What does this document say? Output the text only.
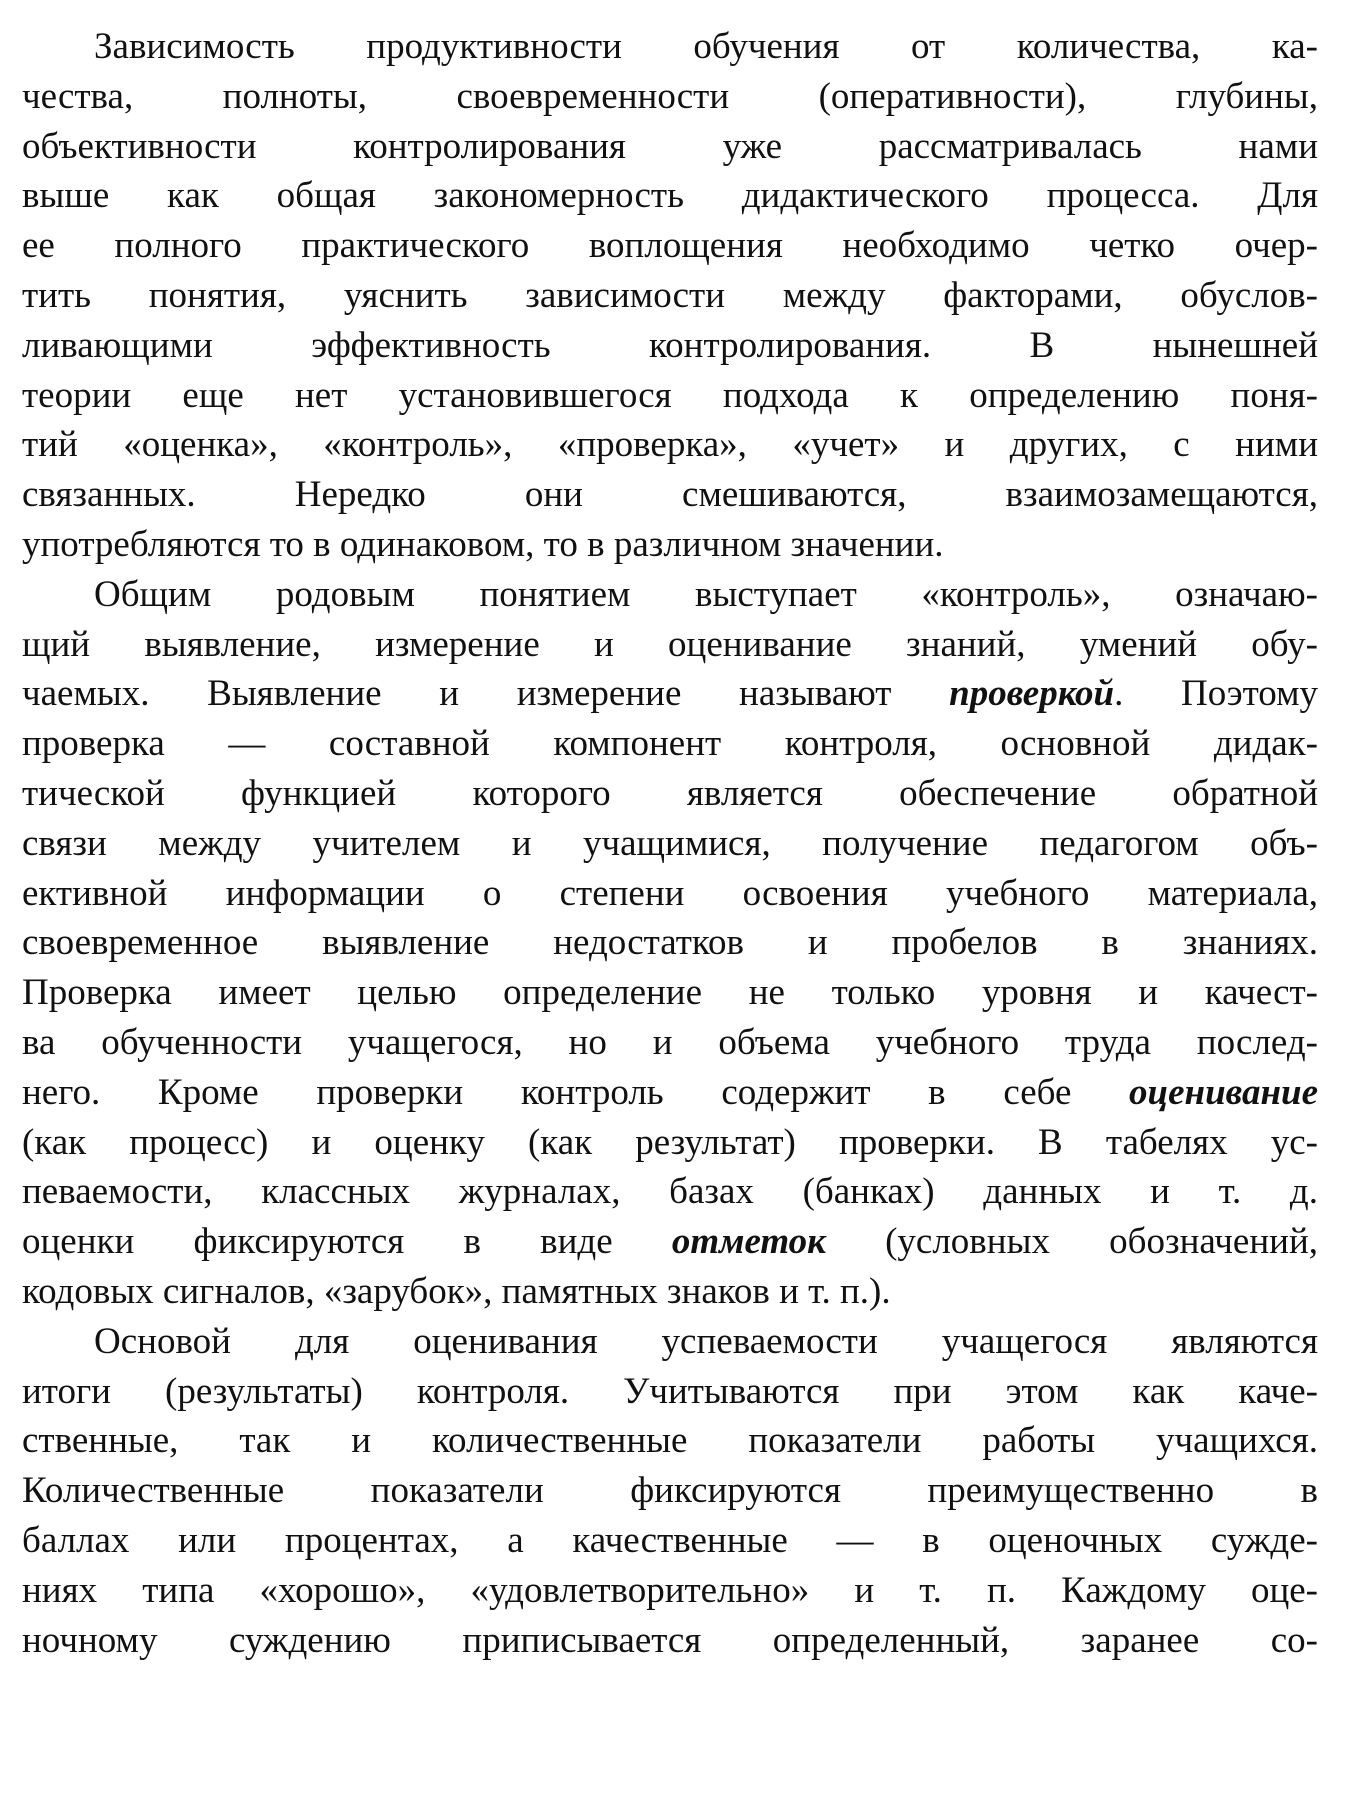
Зависимость продуктивности обучения от количества, ка-
чества, полноты, своевременности (оперативности), глубины,
объективности контролирования уже рассматривалась нами
выше как общая закономерность дидактического процесса. Для
ее полного практического воплощения необходимо четко очер-
тить понятия, уяснить зависимости между факторами, обуслов-
ливающими эффективность контролирования. В нынешней
теории еще нет установившегося подхода к определению поня-
тий «оценка», «контроль», «проверка», «учет» и других, с ними
связанных. Нередко они смешиваются, взаимозамещаются,
употребляются то в одинаковом, то в различном значении.
Общим родовым понятием выступает «контроль», означаю-
щий выявление, измерение и оценивание знаний, умений обу-
чаемых. Выявление и измерение называют проверкой. Поэтому
проверка — составной компонент контроля, основной дидак-
тической функцией которого является обеспечение обратной
связи между учителем и учащимися, получение педагогом объ-
ективной информации о степени освоения учебного материала,
своевременное выявление недостатков и пробелов в знаниях.
Проверка имеет целью определение не только уровня и качест-
ва обученности учащегося, но и объема учебного труда послед-
него. Кроме проверки контроль содержит в себе оценивание
(как процесс) и оценку (как результат) проверки. В табелях ус-
певаемости, классных журналах, базах (банках) данных и т. д.
оценки фиксируются в виде отметок (условных обозначений,
кодовых сигналов, «зарубок», памятных знаков и т. п.).
Основой для оценивания успеваемости учащегося являются
итоги (результаты) контроля. Учитываются при этом как каче-
ственные, так и количественные показатели работы учащихся.
Количественные показатели фиксируются преимущественно в
баллах или процентах, а качественные — в оценочных сужде-
ниях типа «хорошо», «удовлетворительно» и т. п. Каждому оце-
ночному суждению приписывается определенный, заранее со-
